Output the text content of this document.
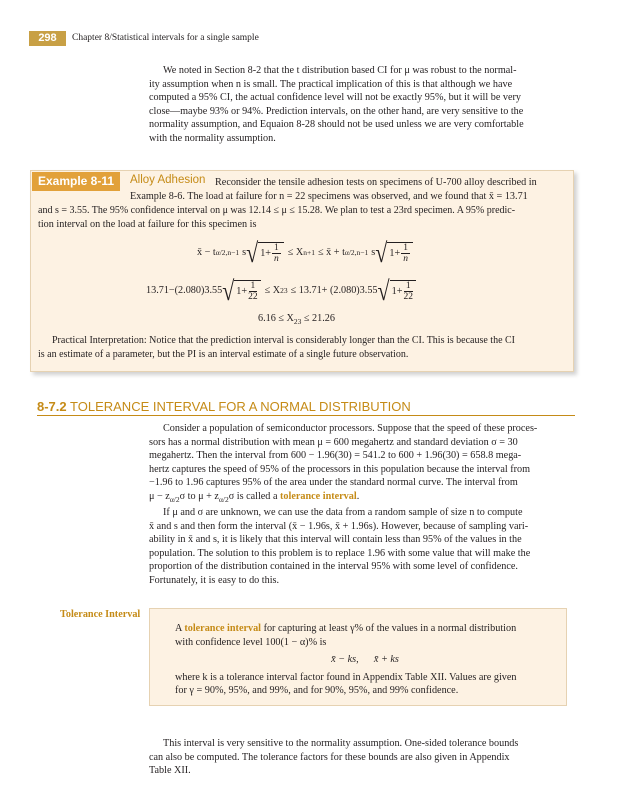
298	Chapter 8/Statistical intervals for a single sample
We noted in Section 8-2 that the t distribution based CI for μ was robust to the normal-
ity assumption when n is small. The practical implication of this is that although we have
computed a 95% CI, the actual confidence level will not be exactly 95%, but it will be very
close—maybe 93% or 94%. Prediction intervals, on the other hand, are very sensitive to the
normality assumption, and Equaion 8-28 should not be used unless we are very comfortable
with the normality assumption.
Example 8-11	Alloy Adhesion Reconsider the tensile adhesion tests on specimens of U-700 alloy described in
Example 8-6. The load at failure for n = 22 specimens was observed, and we found that x̄ = 13.71
and s = 3.55. The 95% confidence interval on μ was 12.14 ≤ μ ≤ 15.28. We plan to test a 23rd specimen. A 95% predic-
tion interval on the load at failure for this specimen is
x̄ − t α/2,n−1 s √ $1 + \frac{1}{n} \le X$ n+1 ≤ x̄ + t α/2,n−1 s √ $1 + \frac{1}{n}$
13.71−(2.080)3.55 √ $1 + \frac{1}{22} \le X$ 23 ≤ 13.71+ (2.080)3.55 √ $1 + \frac{1}{22}$
$6.16 \le X_{23} \le 21.26$
Practical Interpretation: Notice that the prediction interval is considerably longer than the CI. This is because the CI
is an estimate of a parameter, but the PI is an interval estimate of a single future observation.
8-7.2 TOLERANCE INTERVAL FOR A NORMAL DISTRIBUTION
Consider a population of semiconductor processors. Suppose that the speed of these proces-
sors has a normal distribution with mean μ = 600 megahertz and standard deviation σ = 30
megahertz. Then the interval from 600 − 1.96(30) = 541.2 to 600 + 1.96(30) = 658.8 mega-
hertz captures the speed of 95% of the processors in this population because the interval from
−1.96 to 1.96 captures 95% of the area under the standard normal curve. The interval from
$\mu - z_{\alpha/2}\sigma$ to $\mu + z_{\alpha/2}\sigma$ is called a tolerance interval.
If μ and σ are unknown, we can use the data from a random sample of size n to compute
x̄ and s and then form the interval (x̄ − 1.96s, x̄ + 1.96s). However, because of sampling vari-
ability in x̄ and s, it is likely that this interval will contain less than 95% of the values in the
population. The solution to this problem is to replace 1.96 with some value that will make the
proportion of the distribution contained in the interval 95% with some level of confidence.
Fortunately, it is easy to do this.
Tolerance Interval
A tolerance interval for capturing at least γ% of the values in a normal distribution
with confidence level 100(1 − α)% is
x̄ − ks,      x̄ + ks
where k is a tolerance interval factor found in Appendix Table XII. Values are given
for γ = 90%, 95%, and 99%, and for 90%, 95%, and 99% confidence.
This interval is very sensitive to the normality assumption. One-sided tolerance bounds
can also be computed. The tolerance factors for these bounds are also given in Appendix
Table XII.
